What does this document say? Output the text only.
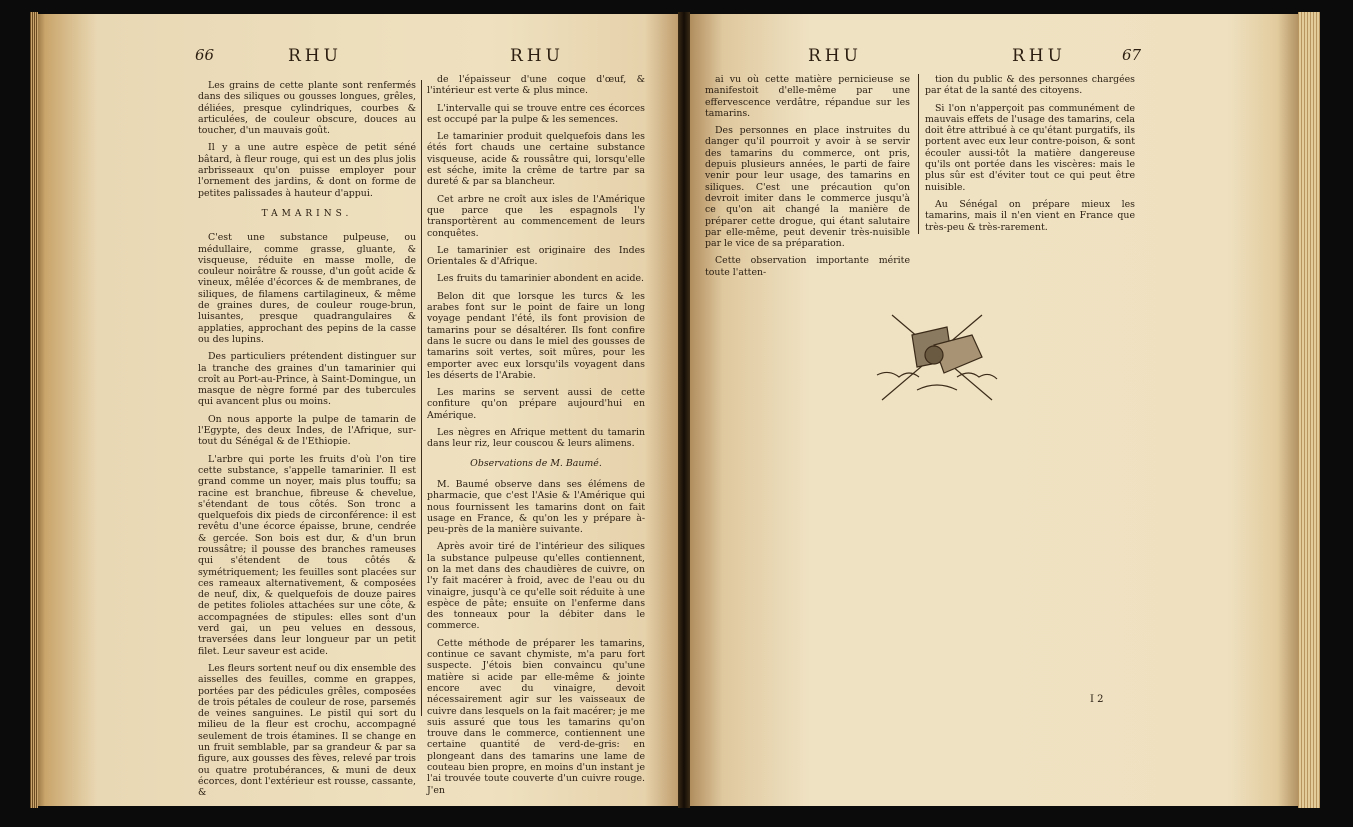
66	RHU	RHU

Les grains de cette plante sont renfermés dans des siliques ou gousses longues, grêles, déliées, presque cylindriques, courbes & articulées, de couleur obscure, douces au toucher, d'un mauvais goût.

Il y a une autre espèce de petit séné bâtard, à fleur rouge, qui est un des plus jolis arbrisseaux qu'on puisse employer pour l'ornement des jardins, & dont on forme de petites palissades à hauteur d'appui.

TAMARINS.

C'est une substance pulpeuse, ou médullaire, comme grasse, gluante, & visqueuse, réduite en masse molle, de couleur noirâtre & rousse, d'un goût acide & vineux, mêlée d'écorces & de membranes, de siliques, de filamens cartilagineux, & même de graines dures, de couleur rouge-brun, luisantes, presque quadrangulaires & applaties, approchant des pepins de la casse ou des lupins.

Des particuliers prétendent distinguer sur la tranche des graines d'un tamarinier qui croît au Port-au-Prince, à Saint-Domingue, un masque de nègre formé par des tubercules qui avancent plus ou moins.

On nous apporte la pulpe de tamarin de l'Egypte, des deux Indes, de l'Afrique, sur-tout du Sénégal & de l'Ethiopie.

L'arbre qui porte les fruits d'où l'on tire cette substance, s'appelle tamarinier. Il est grand comme un noyer, mais plus touffu; sa racine est branchue, fibreuse & chevelue, s'étendant de tous côtés. Son tronc a quelquefois dix pieds de circonférence: il est revêtu d'une écorce épaisse, brune, cendrée & gercée. Son bois est dur, & d'un brun roussâtre; il pousse des branches rameuses qui s'étendent de tous côtés & symétriquement; les feuilles sont placées sur ces rameaux alternativement, & composées de neuf, dix, & quelquefois de douze paires de petites folioles attachées sur une côte, & accompagnées de stipules: elles sont d'un verd gai, un peu velues en dessous, traversées dans leur longueur par un petit filet. Leur saveur est acide.

Les fleurs sortent neuf ou dix ensemble des aisselles des feuilles, comme en grappes, portées par des pédicules grêles, composées de trois pétales de couleur de rose, parsemés de veines sanguines. Le pistil qui sort du milieu de la fleur est crochu, accompagné seulement de trois étamines. Il se change en un fruit semblable, par sa grandeur & par sa figure, aux gousses des fèves, relevé par trois ou quatre protubérances, & muni de deux écorces, dont l'extérieur est rousse, cassante, &

de l'épaisseur d'une coque d'œuf, & l'intérieur est verte & plus mince.

L'intervalle qui se trouve entre ces écorces est occupé par la pulpe & les semences.

Le tamarinier produit quelquefois dans les étés fort chauds une certaine substance visqueuse, acide & roussâtre qui, lorsqu'elle est séche, imite la crême de tartre par sa dureté & par sa blancheur.

Cet arbre ne croît aux isles de l'Amérique que parce que les espagnols l'y transportèrent au commencement de leurs conquêtes.

Le tamarinier est originaire des Indes Orientales & d'Afrique.

Les fruits du tamarinier abondent en acide.

Belon dit que lorsque les turcs & les arabes font sur le point de faire un long voyage pendant l'été, ils font provision de tamarins pour se désaltérer. Ils font confire dans le sucre ou dans le miel des gousses de tamarins soit vertes, soit mûres, pour les emporter avec eux lorsqu'ils voyagent dans les déserts de l'Arabie.

Les marins se servent aussi de cette confiture qu'on prépare aujourd'hui en Amérique.

Les nègres en Afrique mettent du tamarin dans leur riz, leur couscou & leurs alimens.

Observations de M. Baumé.

M. Baumé observe dans ses élémens de pharmacie, que c'est l'Asie & l'Amérique qui nous fournissent les tamarins dont on fait usage en France, & qu'on les y prépare à-peu-près de la manière suivante.

Après avoir tiré de l'intérieur des siliques la substance pulpeuse qu'elles contiennent, on la met dans des chaudières de cuivre, on l'y fait macérer à froid, avec de l'eau ou du vinaigre, jusqu'à ce qu'elle soit réduite à une espèce de pâte; ensuite on l'enferme dans des tonneaux pour la débiter dans le commerce.

Cette méthode de préparer les tamarins, continue ce savant chymiste, m'a paru fort suspecte. J'étois bien convaincu qu'une matière si acide par elle-même & jointe encore avec du vinaigre, devoit nécessairement agir sur les vaisseaux de cuivre dans lesquels on la fait macérer; je me suis assuré que tous les tamarins qu'on trouve dans le commerce, contiennent une certaine quantité de verd-de-gris: en plongeant dans des tamarins une lame de couteau bien propre, en moins d'un instant je l'ai trouvée toute couverte d'un cuivre rouge. J'en

RHU	RHU	67

ai vu où cette matière pernicieuse se manifestoit d'elle-même par une effervescence verdâtre, répandue sur les tamarins.

Des personnes en place instruites du danger qu'il pourroit y avoir à se servir des tamarins du commerce, ont pris, depuis plusieurs années, le parti de faire venir pour leur usage, des tamarins en siliques. C'est une précaution qu'on devroit imiter dans le commerce jusqu'à ce qu'on ait changé la manière de préparer cette drogue, qui étant salutaire par elle-même, peut devenir très-nuisible par le vice de sa préparation.

Cette observation importante mérite toute l'atten-

tion du public & des personnes chargées par état de la santé des citoyens.

Si l'on n'apperçoit pas communément de mauvais effets de l'usage des tamarins, cela doit être attribué à ce qu'étant purgatifs, ils portent avec eux leur contre-poison, & sont écouler aussi-tôt la matière dangereuse qu'ils ont portée dans les viscères: mais le plus sûr est d'éviter tout ce qui peut être nuisible.

Au Sénégal on prépare mieux les tamarins, mais il n'en vient en France que très-peu & très-rarement.

I 2
